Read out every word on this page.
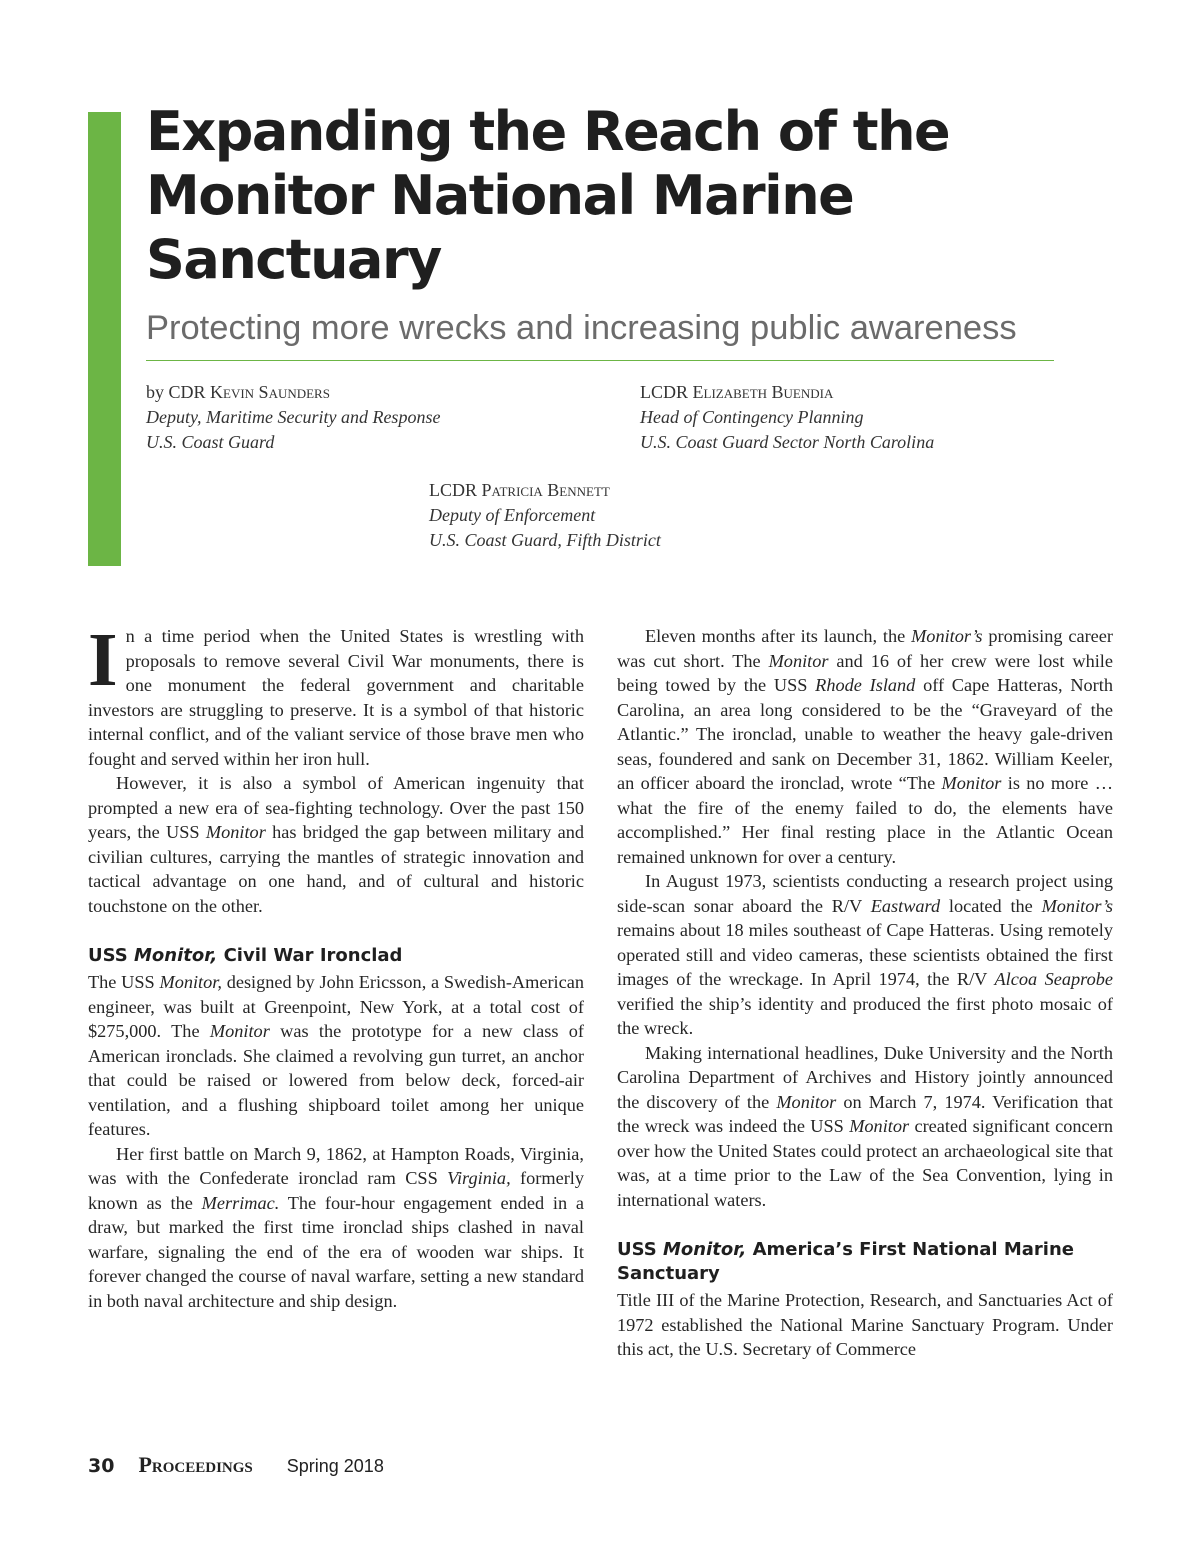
Expanding the Reach of the Monitor National Marine Sanctuary
Protecting more wrecks and increasing public awareness
by CDR Kevin Saunders
Deputy, Maritime Security and Response
U.S. Coast Guard
LCDR Elizabeth Buendia
Head of Contingency Planning
U.S. Coast Guard Sector North Carolina
LCDR Patricia Bennett
Deputy of Enforcement
U.S. Coast Guard, Fifth District

In a time period when the United States is wrestling with proposals to remove several Civil War monuments, there is one monument the federal government and charitable investors are struggling to preserve. It is a symbol of that historic internal conflict, and of the valiant service of those brave men who fought and served within her iron hull.

However, it is also a symbol of American ingenuity that prompted a new era of sea-fighting technology. Over the past 150 years, the USS Monitor has bridged the gap between military and civilian cultures, carrying the mantles of strategic innovation and tactical advantage on one hand, and of cultural and historic touchstone on the other.

USS Monitor, Civil War Ironclad

The USS Monitor, designed by John Ericsson, a Swedish-American engineer, was built at Greenpoint, New York, at a total cost of $275,000. The Monitor was the prototype for a new class of American ironclads. She claimed a revolving gun turret, an anchor that could be raised or lowered from below deck, forced-air ventilation, and a flushing shipboard toilet among her unique features.

Her first battle on March 9, 1862, at Hampton Roads, Virginia, was with the Confederate ironclad ram CSS Virginia, formerly known as the Merrimac. The four-hour engagement ended in a draw, but marked the first time ironclad ships clashed in naval warfare, signaling the end of the era of wooden war ships. It forever changed the course of naval warfare, setting a new standard in both naval architecture and ship design.

Eleven months after its launch, the Monitor’s promising career was cut short. The Monitor and 16 of her crew were lost while being towed by the USS Rhode Island off Cape Hatteras, North Carolina, an area long considered to be the “Graveyard of the Atlantic.” The ironclad, unable to weather the heavy gale-driven seas, foundered and sank on December 31, 1862. William Keeler, an officer aboard the ironclad, wrote “The Monitor is no more … what the fire of the enemy failed to do, the elements have accomplished.” Her final resting place in the Atlantic Ocean remained unknown for over a century.

In August 1973, scientists conducting a research project using side-scan sonar aboard the R/V Eastward located the Monitor’s remains about 18 miles southeast of Cape Hatteras. Using remotely operated still and video cameras, these scientists obtained the first images of the wreckage. In April 1974, the R/V Alcoa Seaprobe verified the ship’s identity and produced the first photo mosaic of the wreck.

Making international headlines, Duke University and the North Carolina Department of Archives and History jointly announced the discovery of the Monitor on March 7, 1974. Verification that the wreck was indeed the USS Monitor created significant concern over how the United States could protect an archaeological site that was, at a time prior to the Law of the Sea Convention, lying in international waters.

USS Monitor, America’s First National Marine Sanctuary

Title III of the Marine Protection, Research, and Sanctuaries Act of 1972 established the National Marine Sanctuary Program. Under this act, the U.S. Secretary of Commerce

30 Proceedings Spring 2018
